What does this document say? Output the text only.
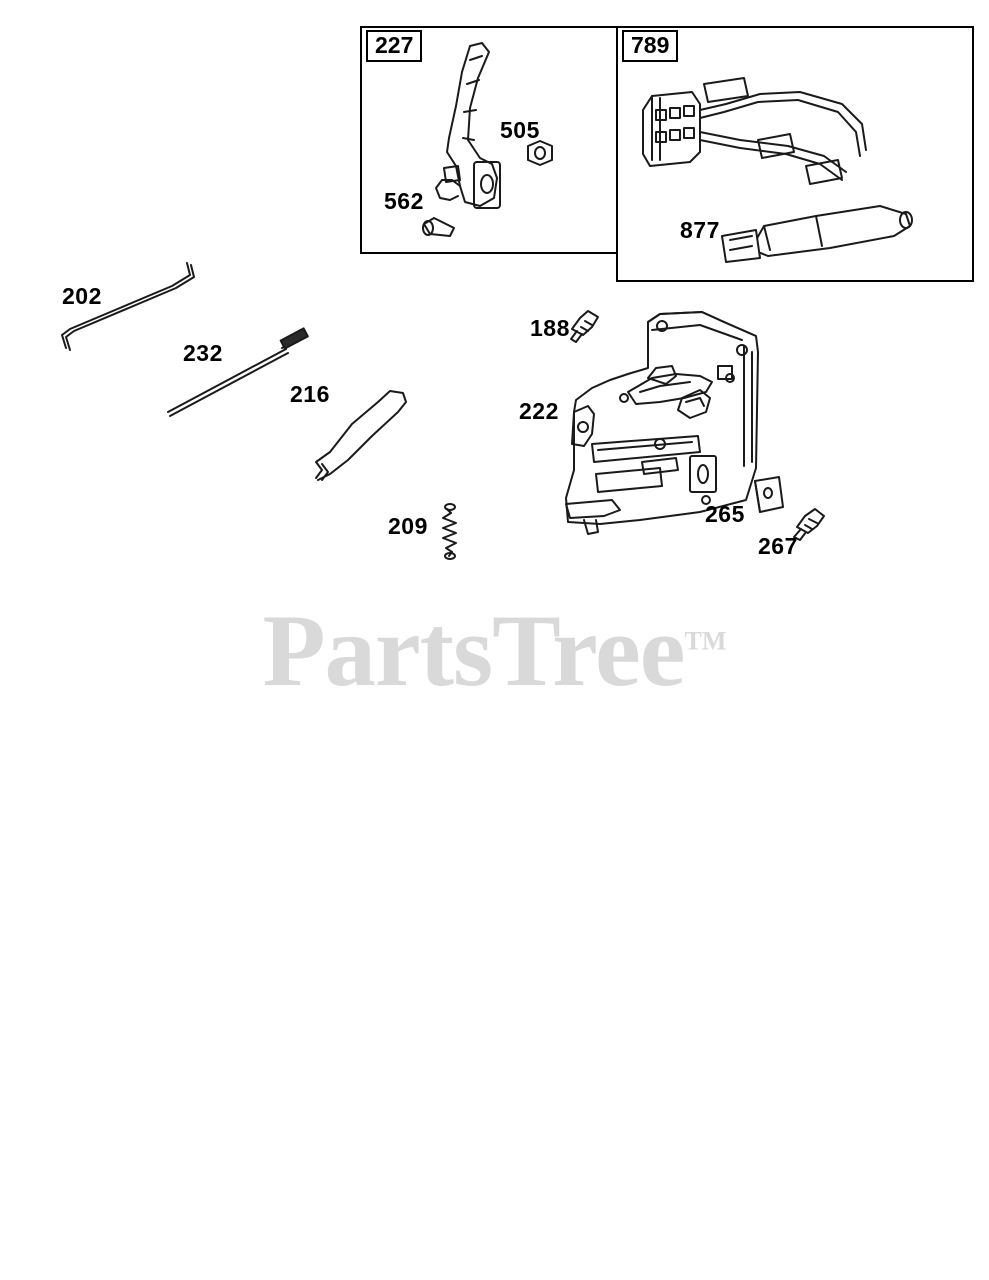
202
232
216
209
188
222
265
267
227
505
562
789
877
PartsTree™
